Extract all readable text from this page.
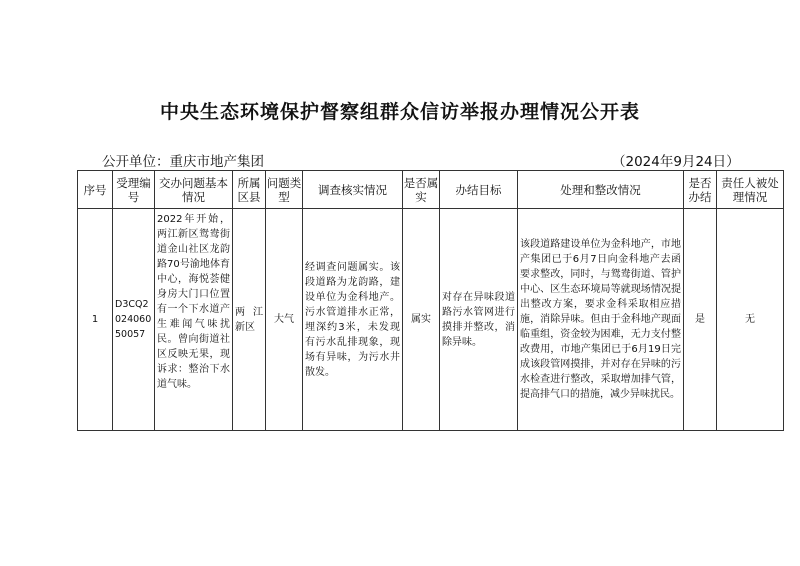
中央生态环境保护督察组群众信访举报办理情况公开表
公开单位：重庆市地产集团	（2024年9月24日）
序号	受理编号	交办问题基本情况	所属区县	问题类型	调查核实情况	是否属实	办结目标	处理和整改情况	是否办结	责任人被处理情况
1	D3CQ202406050057	2022年开始，两江新区鸳鸯街道金山社区龙韵路70号渝地体育中心，海悦荟健身房大门口位置有一个下水道产生难闻气味扰民。曾向街道社区反映无果，现诉求：整治下水道气味。	两江新区	大气	经调查问题属实。该段道路为龙韵路，建设单位为金科地产。污水管道排水正常，埋深约3米，未发现有污水乱排现象，现场有异味，为污水井散发。	属实	对存在异味段道路污水管网进行摸排并整改，消除异味。	该段道路建设单位为金科地产，市地产集团已于6月7日向金科地产去函要求整改，同时，与鸳鸯街道、管护中心、区生态环境局等就现场情况提出整改方案，要求金科采取相应措施，消除异味。但由于金科地产现面临重组，资金较为困难，无力支付整改费用，市地产集团已于6月19日完成该段管网摸排，并对存在异味的污水检查进行整改，采取增加排气管，提高排气口的措施，减少异味扰民。	是	无
